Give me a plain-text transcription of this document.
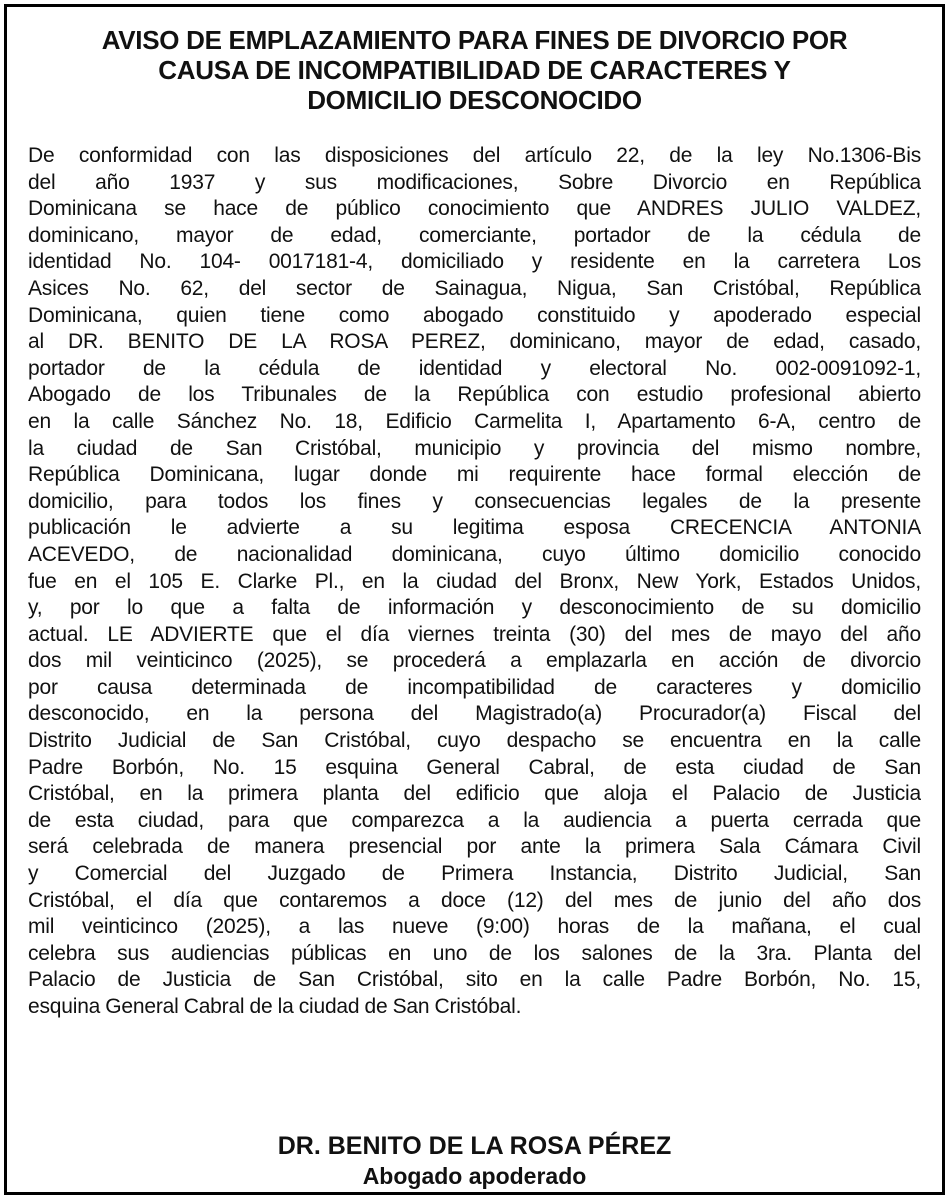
AVISO DE EMPLAZAMIENTO PARA FINES DE DIVORCIO POR
CAUSA DE INCOMPATIBILIDAD DE CARACTERES Y
DOMICILIO DESCONOCIDO
De conformidad con las disposiciones del artículo 22, de la ley No.1306-Bis
del año 1937 y sus modificaciones, Sobre Divorcio en República
Dominicana se hace de público conocimiento que ANDRES JULIO VALDEZ,
dominicano, mayor de edad, comerciante, portador de la cédula de
identidad No. 104- 0017181-4, domiciliado y residente en la carretera Los
Asices No. 62, del sector de Sainagua, Nigua, San Cristóbal, República
Dominicana, quien tiene como abogado constituido y apoderado especial
al DR. BENITO DE LA ROSA PEREZ, dominicano, mayor de edad, casado,
portador de la cédula de identidad y electoral No. 002-0091092-1,
Abogado de los Tribunales de la República con estudio profesional abierto
en la calle Sánchez No. 18, Edificio Carmelita I, Apartamento 6-A, centro de
la ciudad de San Cristóbal, municipio y provincia del mismo nombre,
República Dominicana, lugar donde mi requirente hace formal elección de
domicilio, para todos los fines y consecuencias legales de la presente
publicación le advierte a su legitima esposa CRECENCIA ANTONIA
ACEVEDO, de nacionalidad dominicana, cuyo último domicilio conocido
fue en el 105 E. Clarke Pl., en la ciudad del Bronx, New York, Estados Unidos,
y, por lo que a falta de información y desconocimiento de su domicilio
actual. LE ADVIERTE que el día viernes treinta (30) del mes de mayo del año
dos mil veinticinco (2025), se procederá a emplazarla en acción de divorcio
por causa determinada de incompatibilidad de caracteres y domicilio
desconocido, en la persona del Magistrado(a) Procurador(a) Fiscal del
Distrito Judicial de San Cristóbal, cuyo despacho se encuentra en la calle
Padre Borbón, No. 15 esquina General Cabral, de esta ciudad de San
Cristóbal, en la primera planta del edificio que aloja el Palacio de Justicia
de esta ciudad, para que comparezca a la audiencia a puerta cerrada que
será celebrada de manera presencial por ante la primera Sala Cámara Civil
y Comercial del Juzgado de Primera Instancia, Distrito Judicial, San
Cristóbal, el día que contaremos a doce (12) del mes de junio del año dos
mil veinticinco (2025), a las nueve (9:00) horas de la mañana, el cual
celebra sus audiencias públicas en uno de los salones de la 3ra. Planta del
Palacio de Justicia de San Cristóbal, sito en la calle Padre Borbón, No. 15,
esquina General Cabral de la ciudad de San Cristóbal.
DR. BENITO DE LA ROSA PÉREZ
Abogado apoderado
